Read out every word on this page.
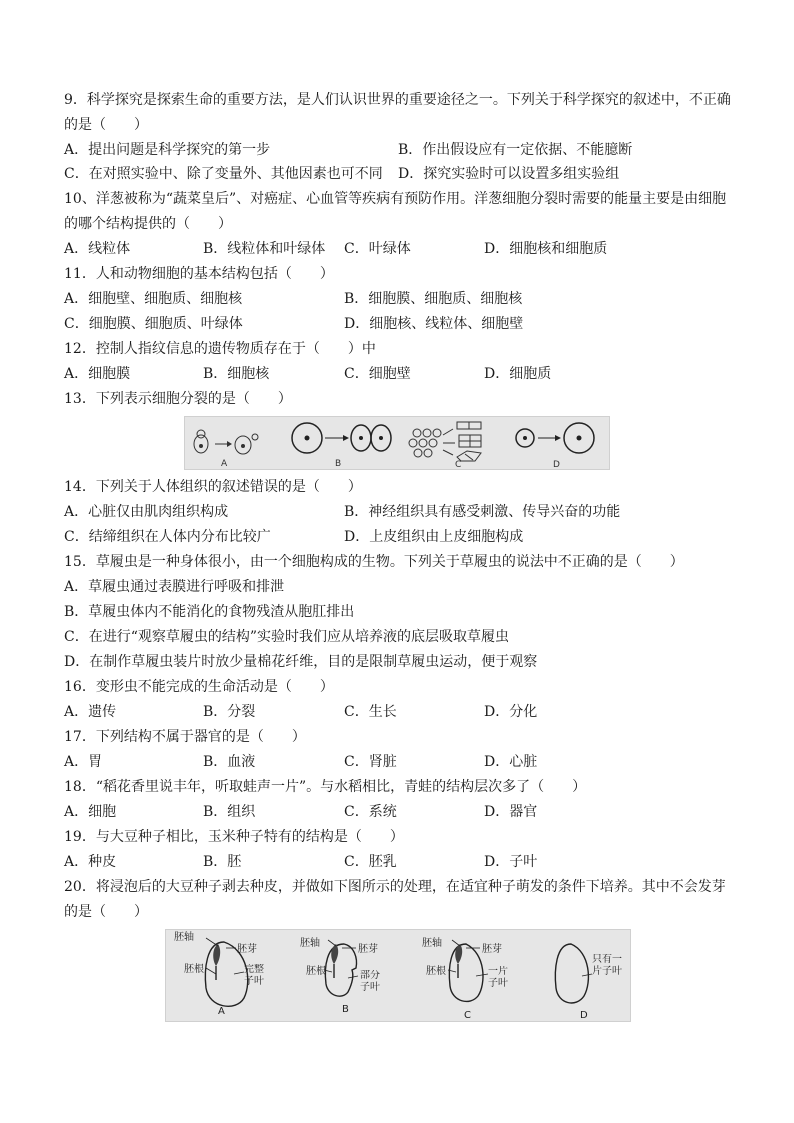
9．科学探究是探索生命的重要方法，是人们认识世界的重要途径之一。下列关于科学探究的叙述中，不正确
的是（　　）
A．提出问题是科学探究的第一步	B．作出假设应有一定依据、不能臆断
C．在对照实验中、除了变量外、其他因素也可不同 D．探究实验时可以设置多组实验组
10、洋葱被称为“蔬菜皇后”、对癌症、心血管等疾病有预防作用。洋葱细胞分裂时需要的能量主要是由细胞
的哪个结构提供的（　　）
A．线粒体	B．线粒体和叶绿体 C．叶绿体	D．细胞核和细胞质
11．人和动物细胞的基本结构包括（　　）
A．细胞壁、细胞质、细胞核	B．细胞膜、细胞质、细胞核
C．细胞膜、细胞质、叶绿体	D．细胞核、线粒体、细胞壁
12．控制人指纹信息的遗传物质存在于（　　）中
A．细胞膜	B．细胞核	C．细胞壁	D．细胞质
13．下列表示细胞分裂的是（　　）
A	B	C	D
14．下列关于人体组织的叙述错误的是（　　）
A．心脏仅由肌肉组织构成	B．神经组织具有感受刺激、传导兴奋的功能
C．结缔组织在人体内分布比较广	D．上皮组织由上皮细胞构成
15．草履虫是一种身体很小，由一个细胞构成的生物。下列关于草履虫的说法中不正确的是（　　）
A．草履虫通过表膜进行呼吸和排泄
B．草履虫体内不能消化的食物残渣从胞肛排出
C．在进行“观察草履虫的结构”实验时我们应从培养液的底层吸取草履虫
D．在制作草履虫装片时放少量棉花纤维，目的是限制草履虫运动，便于观察
16．变形虫不能完成的生命活动是（　　）
A．遗传	B．分裂	C．生长	D．分化
17．下列结构不属于器官的是（　　）
A．胃	B．血液	C．肾脏	D．心脏
18．“稻花香里说丰年，听取蛙声一片”。与水稻相比，青蛙的结构层次多了（　　）
A．细胞	B．组织	C．系统	D．器官
19．与大豆种子相比，玉米种子特有的结构是（　　）
A．种皮	B．胚	C．胚乳	D．子叶
20．将浸泡后的大豆种子剥去种皮，并做如下图所示的处理，在适宜种子萌发的条件下培养。其中不会发芽
的是（　　）
胚轴
胚芽
胚根	完整子叶
A
胚轴
胚芽
胚根	部分子叶
B
胚轴
胚芽
胚根	一片子叶
C
只有一片子叶
D
